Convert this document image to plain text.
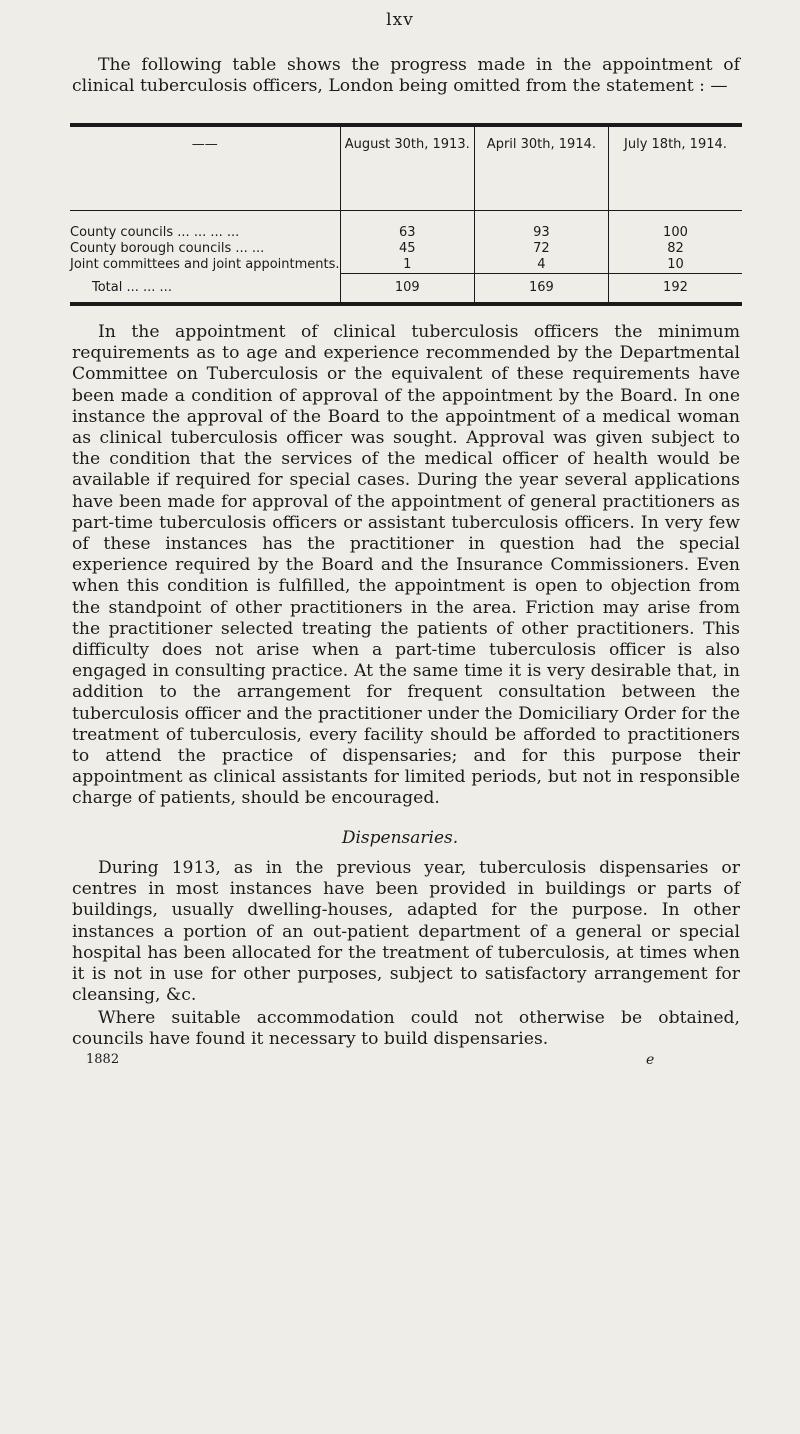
lxv

The following table shows the progress made in the appointment of clinical tuberculosis officers, London being omitted from the statement : —

——	August 30th, 1913.	April 30th, 1914.	July 18th, 1914.
County councils ... ... ... ...	63	93	100
County borough councils ... ...	45	72	82
Joint committees and joint appointments.	1	4	10
Total ... ... ...	109	169	192

In the appointment of clinical tuberculosis officers the minimum requirements as to age and experience recommended by the Departmental Committee on Tuberculosis or the equivalent of these requirements have been made a condition of approval of the appointment by the Board. In one instance the approval of the Board to the appointment of a medical woman as clinical tuberculosis officer was sought. Approval was given subject to the condition that the services of the medical officer of health would be available if required for special cases. During the year several applications have been made for approval of the appointment of general practitioners as part-time tuberculosis officers or assistant tuberculosis officers. In very few of these instances has the practitioner in question had the special experience required by the Board and the Insurance Commissioners. Even when this condition is fulfilled, the appointment is open to objection from the standpoint of other practitioners in the area. Friction may arise from the practitioner selected treating the patients of other practitioners. This difficulty does not arise when a part-time tuberculosis officer is also engaged in consulting practice. At the same time it is very desirable that, in addition to the arrangement for frequent consultation between the tuberculosis officer and the practitioner under the Domiciliary Order for the treatment of tuberculosis, every facility should be afforded to practitioners to attend the practice of dispensaries; and for this purpose their appointment as clinical assistants for limited periods, but not in responsible charge of patients, should be encouraged.

Dispensaries.

During 1913, as in the previous year, tuberculosis dispensaries or centres in most instances have been provided in buildings or parts of buildings, usually dwelling-houses, adapted for the purpose. In other instances a portion of an out-patient department of a general or special hospital has been allocated for the treatment of tuberculosis, at times when it is not in use for other purposes, subject to satisfactory arrangement for cleansing, &c.

Where suitable accommodation could not otherwise be obtained, councils have found it necessary to build dispensaries.

1882	e
